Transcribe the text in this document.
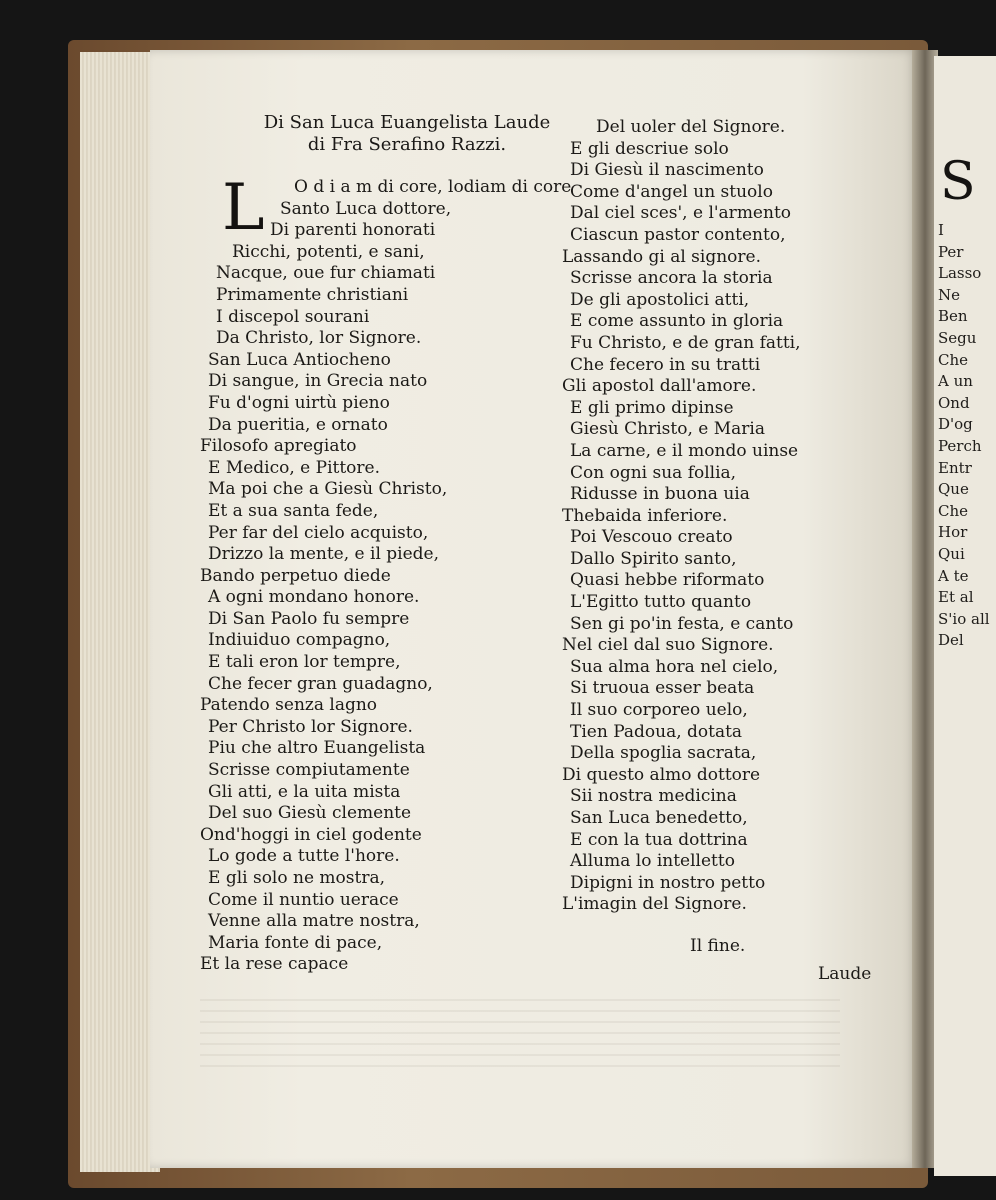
S
I
Per
Lasso
Ne
Ben
Segu
Che
A un
Ond
D'og
Perch
Entr
Que
Che
Hor
Qui
A te
Et al
S'io all
Del
Di San Luca Euangelista Laude
di Fra Serafino Razzi.
L	O d i a m di core, lodiam di core
Santo Luca dottore,
Di parenti honorati
Ricchi, potenti, e sani,
Nacque, oue fur chiamati
Primamente christiani
I discepol sourani
Da Christo, lor Signore.
San Luca Antiocheno
Di sangue, in Grecia nato
Fu d'ogni uirtù pieno
Da pueritia, e ornato
Filosofo apregiato
E Medico, e Pittore.
Ma poi che a Giesù Christo,
Et a sua santa fede,
Per far del cielo acquisto,
Drizzo la mente, e il piede,
Bando perpetuo diede
A ogni mondano honore.
Di San Paolo fu sempre
Indiuiduo compagno,
E tali eron lor tempre,
Che fecer gran guadagno,
Patendo senza lagno
Per Christo lor Signore.
Piu che altro Euangelista
Scrisse compiutamente
Gli atti, e la uita mista
Del suo Giesù clemente
Ond'hoggi in ciel godente
Lo gode a tutte l'hore.
E gli solo ne mostra,
Come il nuntio uerace
Venne alla matre nostra,
Maria fonte di pace,
Et la rese capace
Del uoler del Signore.
E gli descriue solo
Di Giesù il nascimento
Come d'angel un stuolo
Dal ciel sces', e l'armento
Ciascun pastor contento,
Lassando gi al signore.
Scrisse ancora la storia
De gli apostolici atti,
E come assunto in gloria
Fu Christo, e de gran fatti,
Che fecero in su tratti
Gli apostol dall'amore.
E gli primo dipinse
Giesù Christo, e Maria
La carne, e il mondo uinse
Con ogni sua follia,
Ridusse in buona uia
Thebaida inferiore.
Poi Vescouo creato
Dallo Spirito santo,
Quasi hebbe riformato
L'Egitto tutto quanto
Sen gi po'in festa, e canto
Nel ciel dal suo Signore.
Sua alma hora nel cielo,
Si truoua esser beata
Il suo corporeo uelo,
Tien Padoua, dotata
Della spoglia sacrata,
Di questo almo dottore
Sii nostra medicina
San Luca benedetto,
E con la tua dottrina
Alluma lo intelletto
Dipigni in nostro petto
L'imagin del Signore.
Il fine.
Laude
